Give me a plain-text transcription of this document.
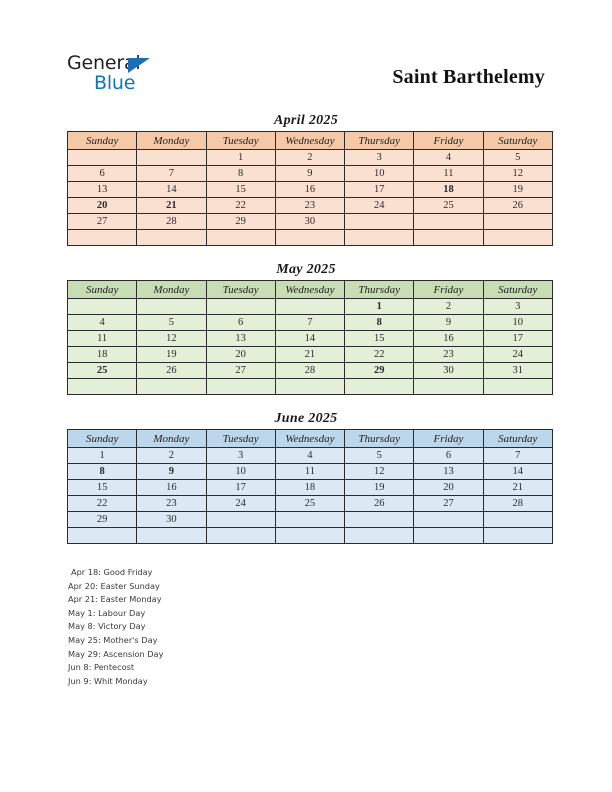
General
Blue	Saint Barthelemy
April 2025
Sunday	Monday	Tuesday	Wednesday	Thursday	Friday	Saturday
		1	2	3	4	5
6	7	8	9	10	11	12
13	14	15	16	17	18	19
20	21	22	23	24	25	26
27	28	29	30			

May 2025
Sunday	Monday	Tuesday	Wednesday	Thursday	Friday	Saturday
				1	2	3
4	5	6	7	8	9	10
11	12	13	14	15	16	17
18	19	20	21	22	23	24
25	26	27	28	29	30	31

June 2025
Sunday	Monday	Tuesday	Wednesday	Thursday	Friday	Saturday
1	2	3	4	5	6	7
8	9	10	11	12	13	14
15	16	17	18	19	20	21
22	23	24	25	26	27	28
29	30					

Apr 18: Good Friday
Apr 20: Easter Sunday
Apr 21: Easter Monday
May 1: Labour Day
May 8: Victory Day
May 25: Mother's Day
May 29: Ascension Day
Jun 8: Pentecost
Jun 9: Whit Monday
